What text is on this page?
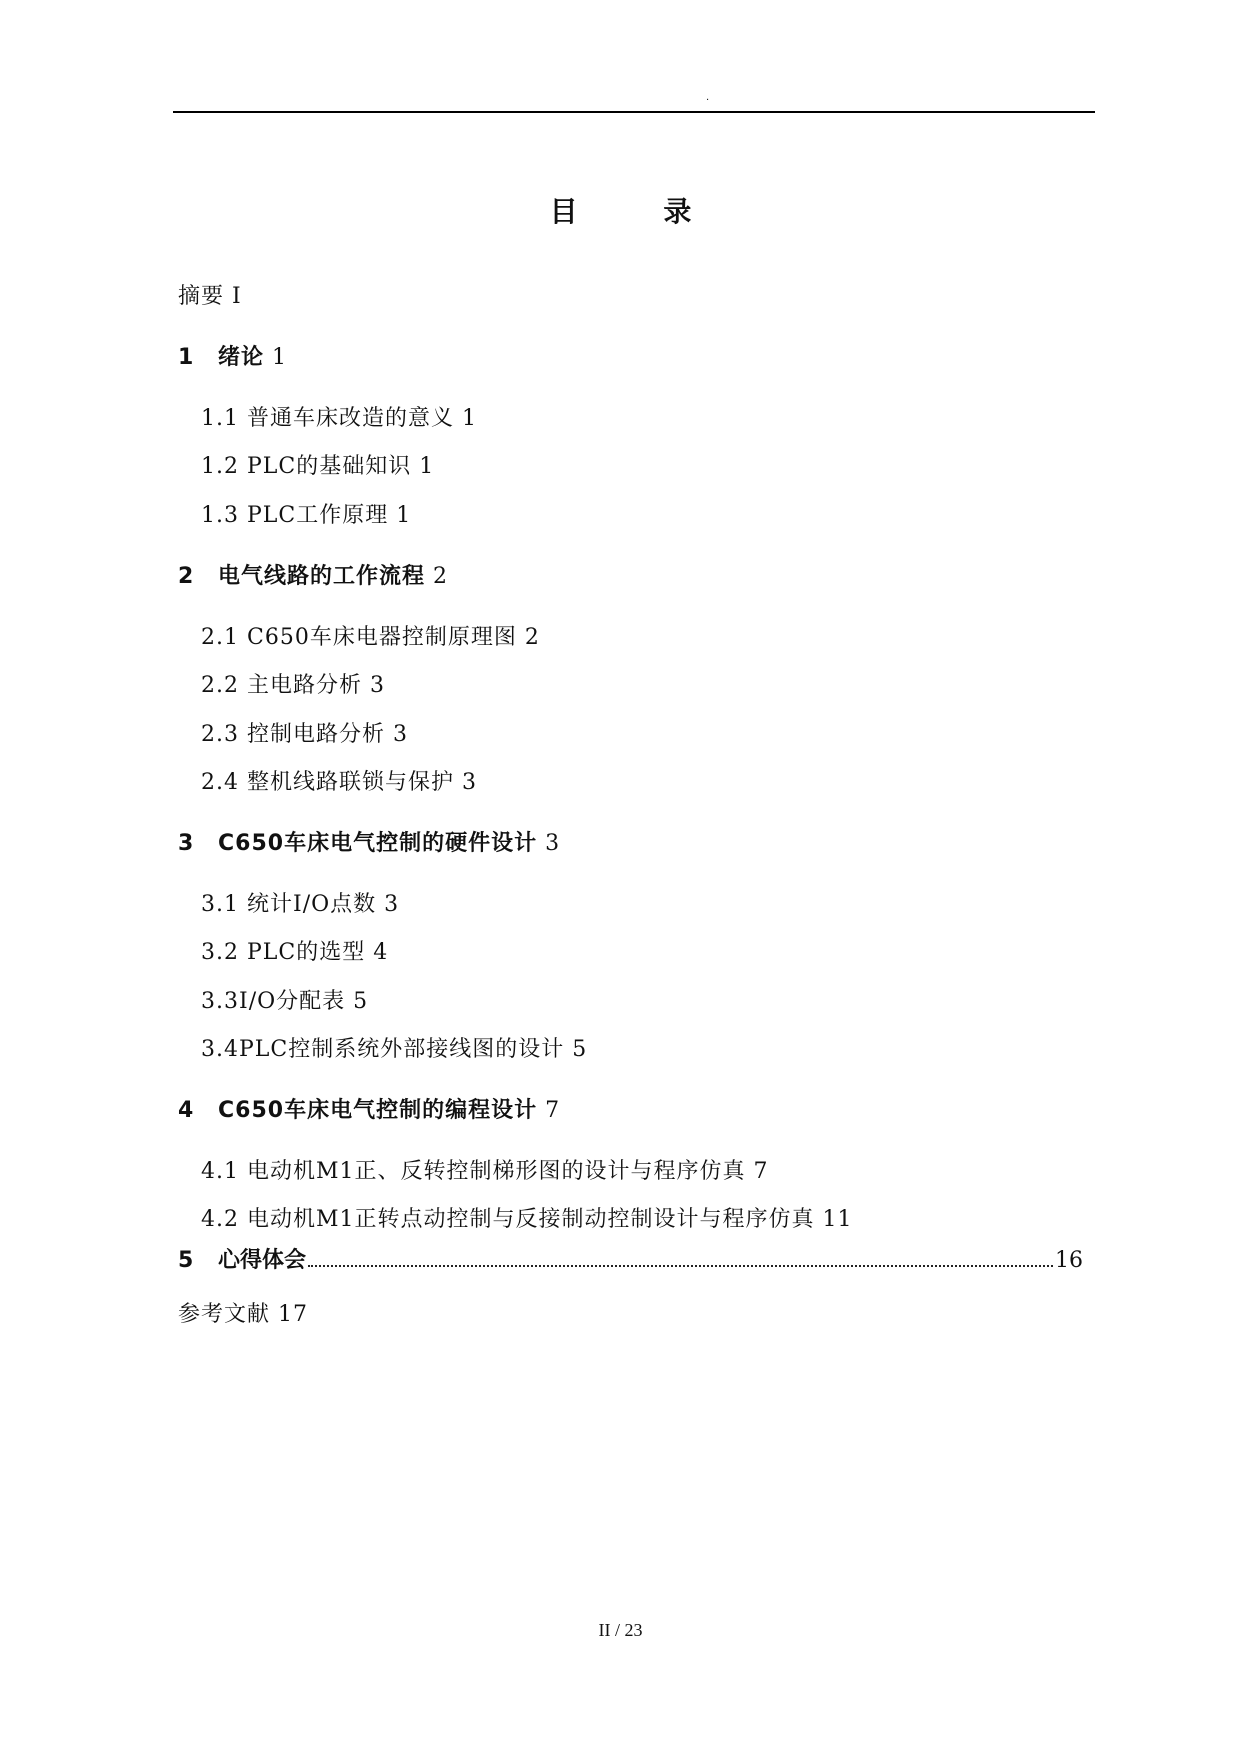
.
目 录
摘要 I
1 绪论 1
1.1 普通车床改造的意义 1
1.2 PLC的基础知识 1
1.3 PLC工作原理 1
2 电气线路的工作流程 2
2.1 C650车床电器控制原理图 2
2.2 主电路分析 3
2.3 控制电路分析 3
2.4 整机线路联锁与保护 3
3 C650车床电气控制的硬件设计 3
3.1 统计I/O点数 3
3.2 PLC的选型 4
3.3I/O分配表 5
3.4PLC控制系统外部接线图的设计 5
4 C650车床电气控制的编程设计 7
4.1 电动机M1正、反转控制梯形图的设计与程序仿真 7
4.2 电动机M1正转点动控制与反接制动控制设计与程序仿真 11
5	心得体会	16
参考文献 17
II / 23
